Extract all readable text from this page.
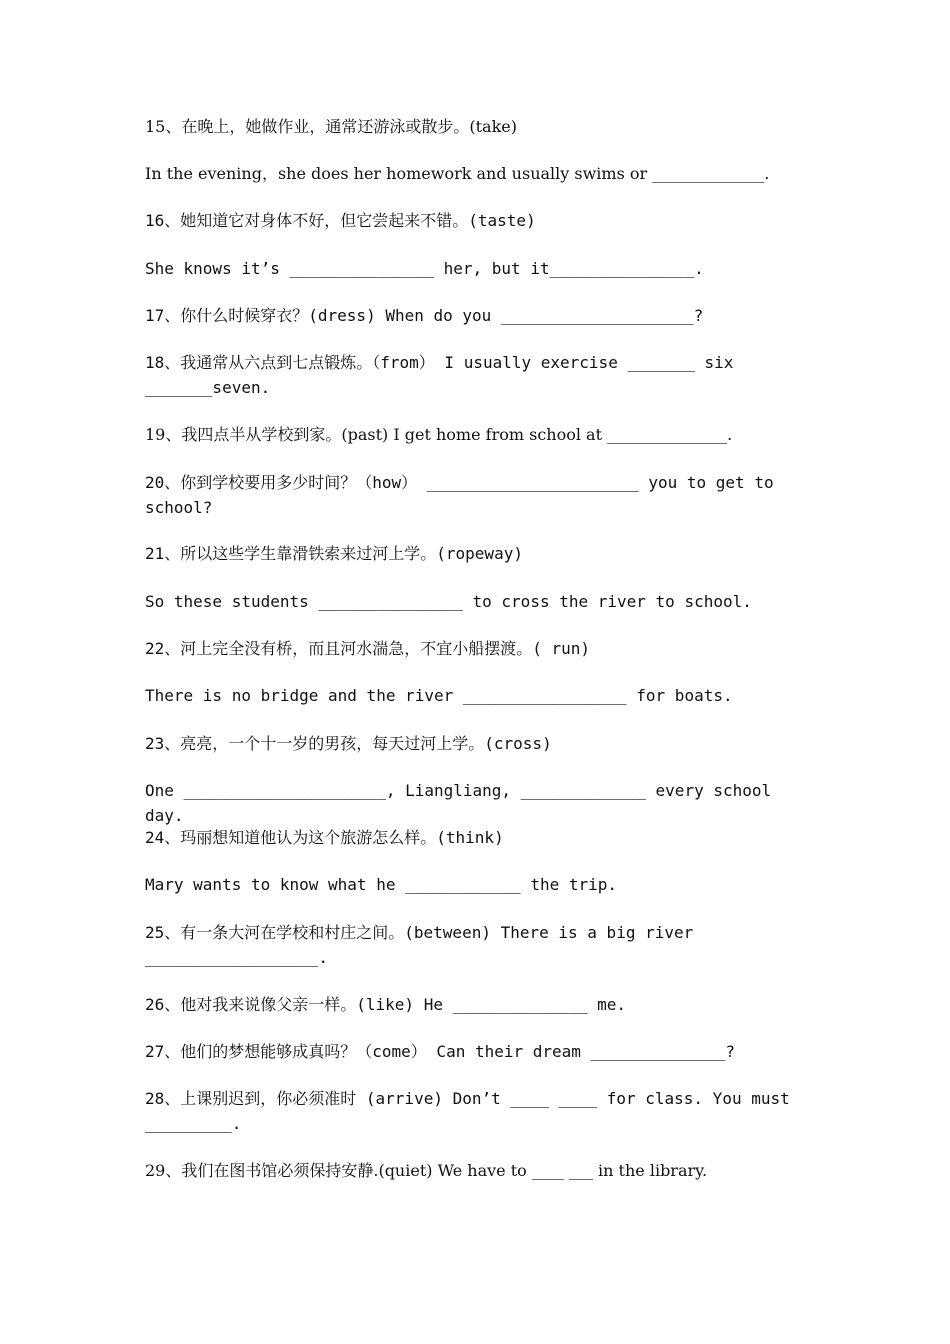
15、在晚上，她做作业，通常还游泳或散步。(take)
In the evening，she does her homework and usually swims or ______________.
16、她知道它对身体不好，但它尝起来不错。(taste)
She knows it’s _______________ her, but it_______________.
17、你什么时候穿衣？(dress) When do you ____________________?
18、我通常从六点到七点锻炼。（from） I usually exercise _______ six _______seven.
19、我四点半从学校到家。(past) I get home from school at _______________.
20、你到学校要用多少时间？（how） ______________________ you to get to school?
21、所以这些学生靠滑铁索来过河上学。(ropeway)
So these students _______________ to cross the river to school.
22、河上完全没有桥，而且河水湍急，不宜小船摆渡。( run)
There is no bridge and the river _________________ for boats.
23、亮亮，一个十一岁的男孩，每天过河上学。(cross)
One _____________________, Liangliang, _____________ every school day.
24、玛丽想知道他认为这个旅游怎么样。(think)
Mary wants to know what he ____________ the trip.
25、有一条大河在学校和村庄之间。(between) There is a big river __________________.
26、他对我来说像父亲一样。(like) He ______________ me.
27、他们的梦想能够成真吗？（come） Can their dream ______________?
28、上课别迟到，你必须准时 (arrive) Don’t ____ ____ for class. You must _________.
29、我们在图书馆必须保持安静.(quiet) We have to ____ ___ in the library.
